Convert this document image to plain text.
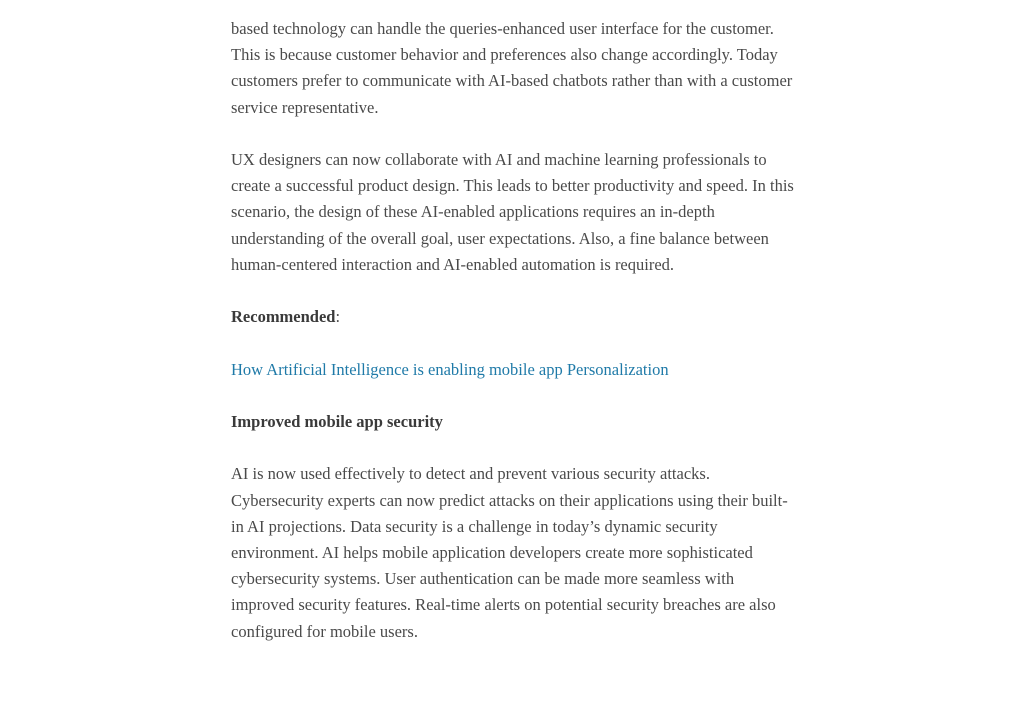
based technology can handle the queries-enhanced user interface for the customer. This is because customer behavior and preferences also change accordingly. Today customers prefer to communicate with AI-based chatbots rather than with a customer service representative.

UX designers can now collaborate with AI and machine learning professionals to create a successful product design. This leads to better productivity and speed. In this scenario, the design of these AI-enabled applications requires an in-depth understanding of the overall goal, user expectations. Also, a fine balance between human-centered interaction and AI-enabled automation is required.

Recommended:

How Artificial Intelligence is enabling mobile app Personalization

Improved mobile app security

AI is now used effectively to detect and prevent various security attacks. Cybersecurity experts can now predict attacks on their applications using their built-in AI projections. Data security is a challenge in today’s dynamic security environment. AI helps mobile application developers create more sophisticated cybersecurity systems. User authentication can be made more seamless with improved security features. Real-time alerts on potential security breaches are also configured for mobile users.
